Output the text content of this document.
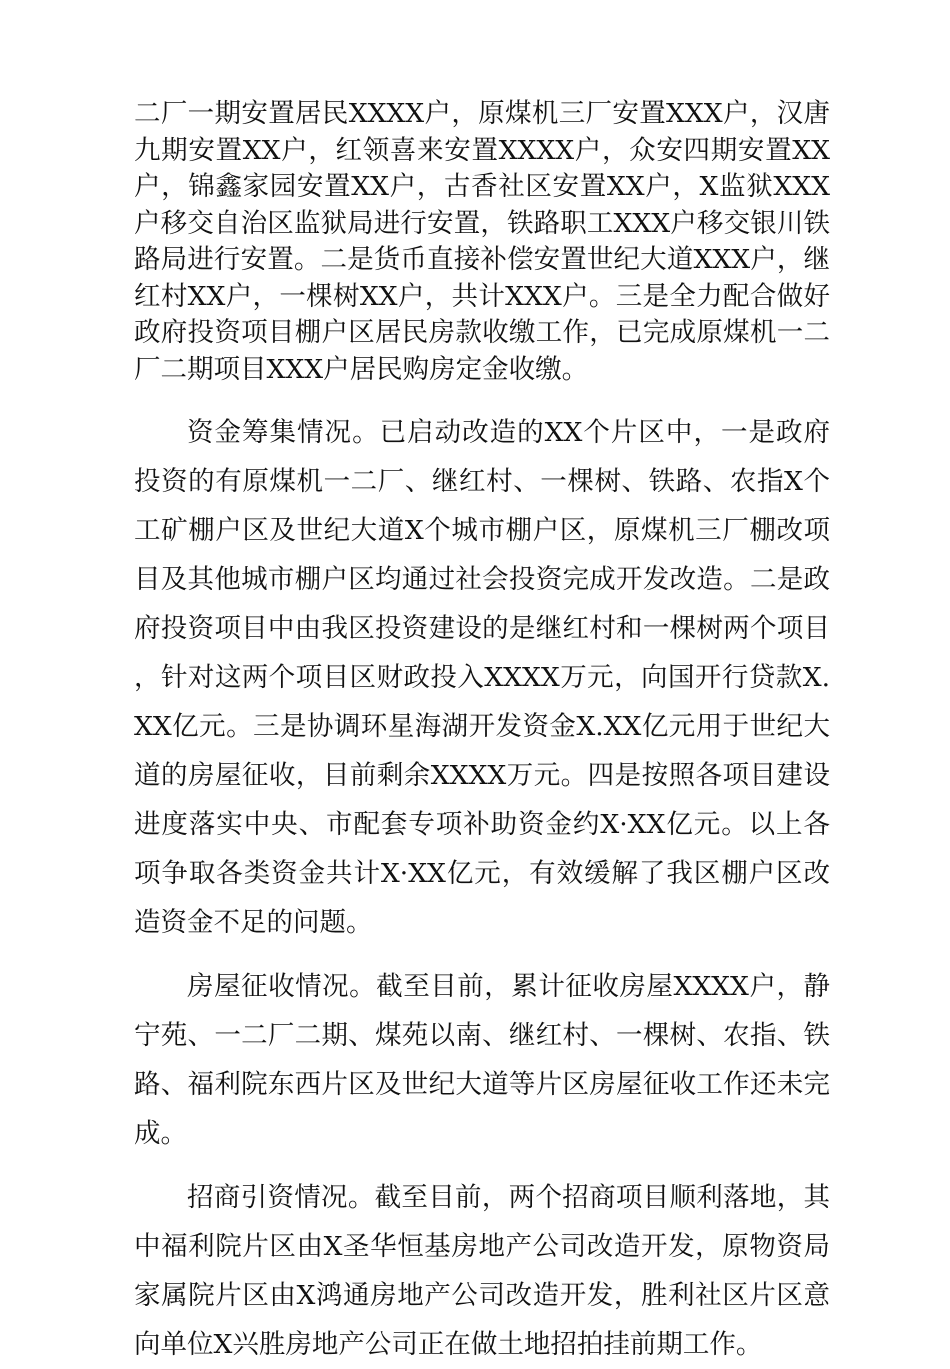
二厂一期安置居民XXXX户，原煤机三厂安置XXX户，汉唐九期安置XX户，红领喜来安置XXXX户，众安四期安置XX户，锦鑫家园安置XX户，古香社区安置XX户，X监狱XXX户移交自治区监狱局进行安置，铁路职工XXX户移交银川铁路局进行安置。二是货币直接补偿安置世纪大道XXX户，继红村XX户，一棵树XX户，共计XXX户。三是全力配合做好政府投资项目棚户区居民房款收缴工作，已完成原煤机一二厂二期项目XXX户居民购房定金收缴。

资金筹集情况。已启动改造的XX个片区中，一是政府投资的有原煤机一二厂、继红村、一棵树、铁路、农指X个工矿棚户区及世纪大道X个城市棚户区，原煤机三厂棚改项目及其他城市棚户区均通过社会投资完成开发改造。二是政府投资项目中由我区投资建设的是继红村和一棵树两个项目，针对这两个项目区财政投入XXXX万元，向国开行贷款X.XX亿元。三是协调环星海湖开发资金X.XX亿元用于世纪大道的房屋征收，目前剩余XXXX万元。四是按照各项目建设进度落实中央、市配套专项补助资金约X·XX亿元。以上各项争取各类资金共计X·XX亿元，有效缓解了我区棚户区改造资金不足的问题。

房屋征收情况。截至目前，累计征收房屋XXXX户，静宁苑、一二厂二期、煤苑以南、继红村、一棵树、农指、铁路、福利院东西片区及世纪大道等片区房屋征收工作还未完成。

招商引资情况。截至目前，两个招商项目顺利落地，其中福利院片区由X圣华恒基房地产公司改造开发，原物资局家属院片区由X鸿通房地产公司改造开发，胜利社区片区意向单位X兴胜房地产公司正在做土地招拍挂前期工作。
